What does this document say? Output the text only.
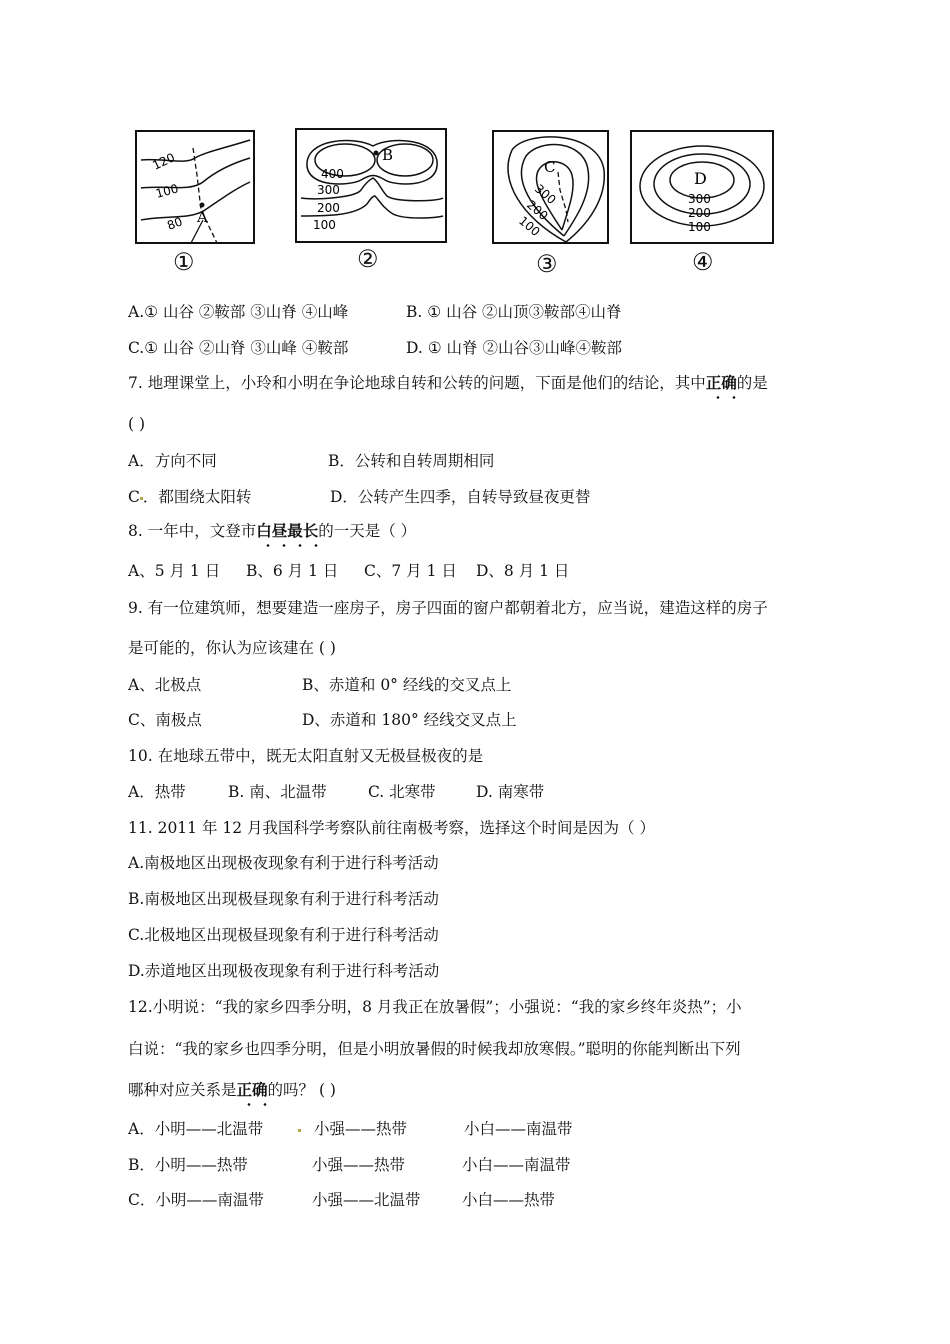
120
100
80 A
①
B
400
300
200
100
②
C
300
200
100
③
D
300
200
100
④
A.① 山谷 ②鞍部 ③山脊 ④山峰	B. ① 山谷 ②山顶③鞍部④山脊
C.① 山谷 ②山脊 ③山峰 ④鞍部	D. ① 山脊 ②山谷③山峰④鞍部
7. 地理课堂上，小玲和小明在争论地球自转和公转的问题，下面是他们的结论，其中正确的是
( )
A．方向不同	B．公转和自转周期相同
C ．都围绕太阳转	D．公转产生四季，自转导致昼夜更替
8. 一年中，文登市白昼最长的一天是（ ）
A、5 月 1 日 B、6 月 1 日 C、7 月 1 日 D、8 月 1 日
9. 有一位建筑师，想要建造一座房子，房子四面的窗户都朝着北方，应当说，建造这样的房子
是可能的，你认为应该建在 ( )
A、北极点	B、赤道和 0° 经线的交叉点上
C、南极点	D、赤道和 180° 经线交叉点上
10. 在地球五带中，既无太阳直射又无极昼极夜的是
A．热带	B. 南、北温带	C. 北寒带	D. 南寒带
11. 2011 年 12 月我国科学考察队前往南极考察，选择这个时间是因为（ ）
A.南极地区出现极夜现象有利于进行科考活动
B.南极地区出现极昼现象有利于进行科考活动
C.北极地区出现极昼现象有利于进行科考活动
D.赤道地区出现极夜现象有利于进行科考活动
12.小明说：“我的家乡四季分明，8 月我正在放暑假”；小强说：“我的家乡终年炎热”；小
白说：“我的家乡也四季分明，但是小明放暑假的时候我却放寒假。”聪明的你能判断出下列
哪种对应关系是正确的吗？ ( )
A．小明——北温带	小强——热带	小白——南温带
B．小明——热带	小强——热带	小白——南温带
C．小明——南温带	小强——北温带	小白——热带
